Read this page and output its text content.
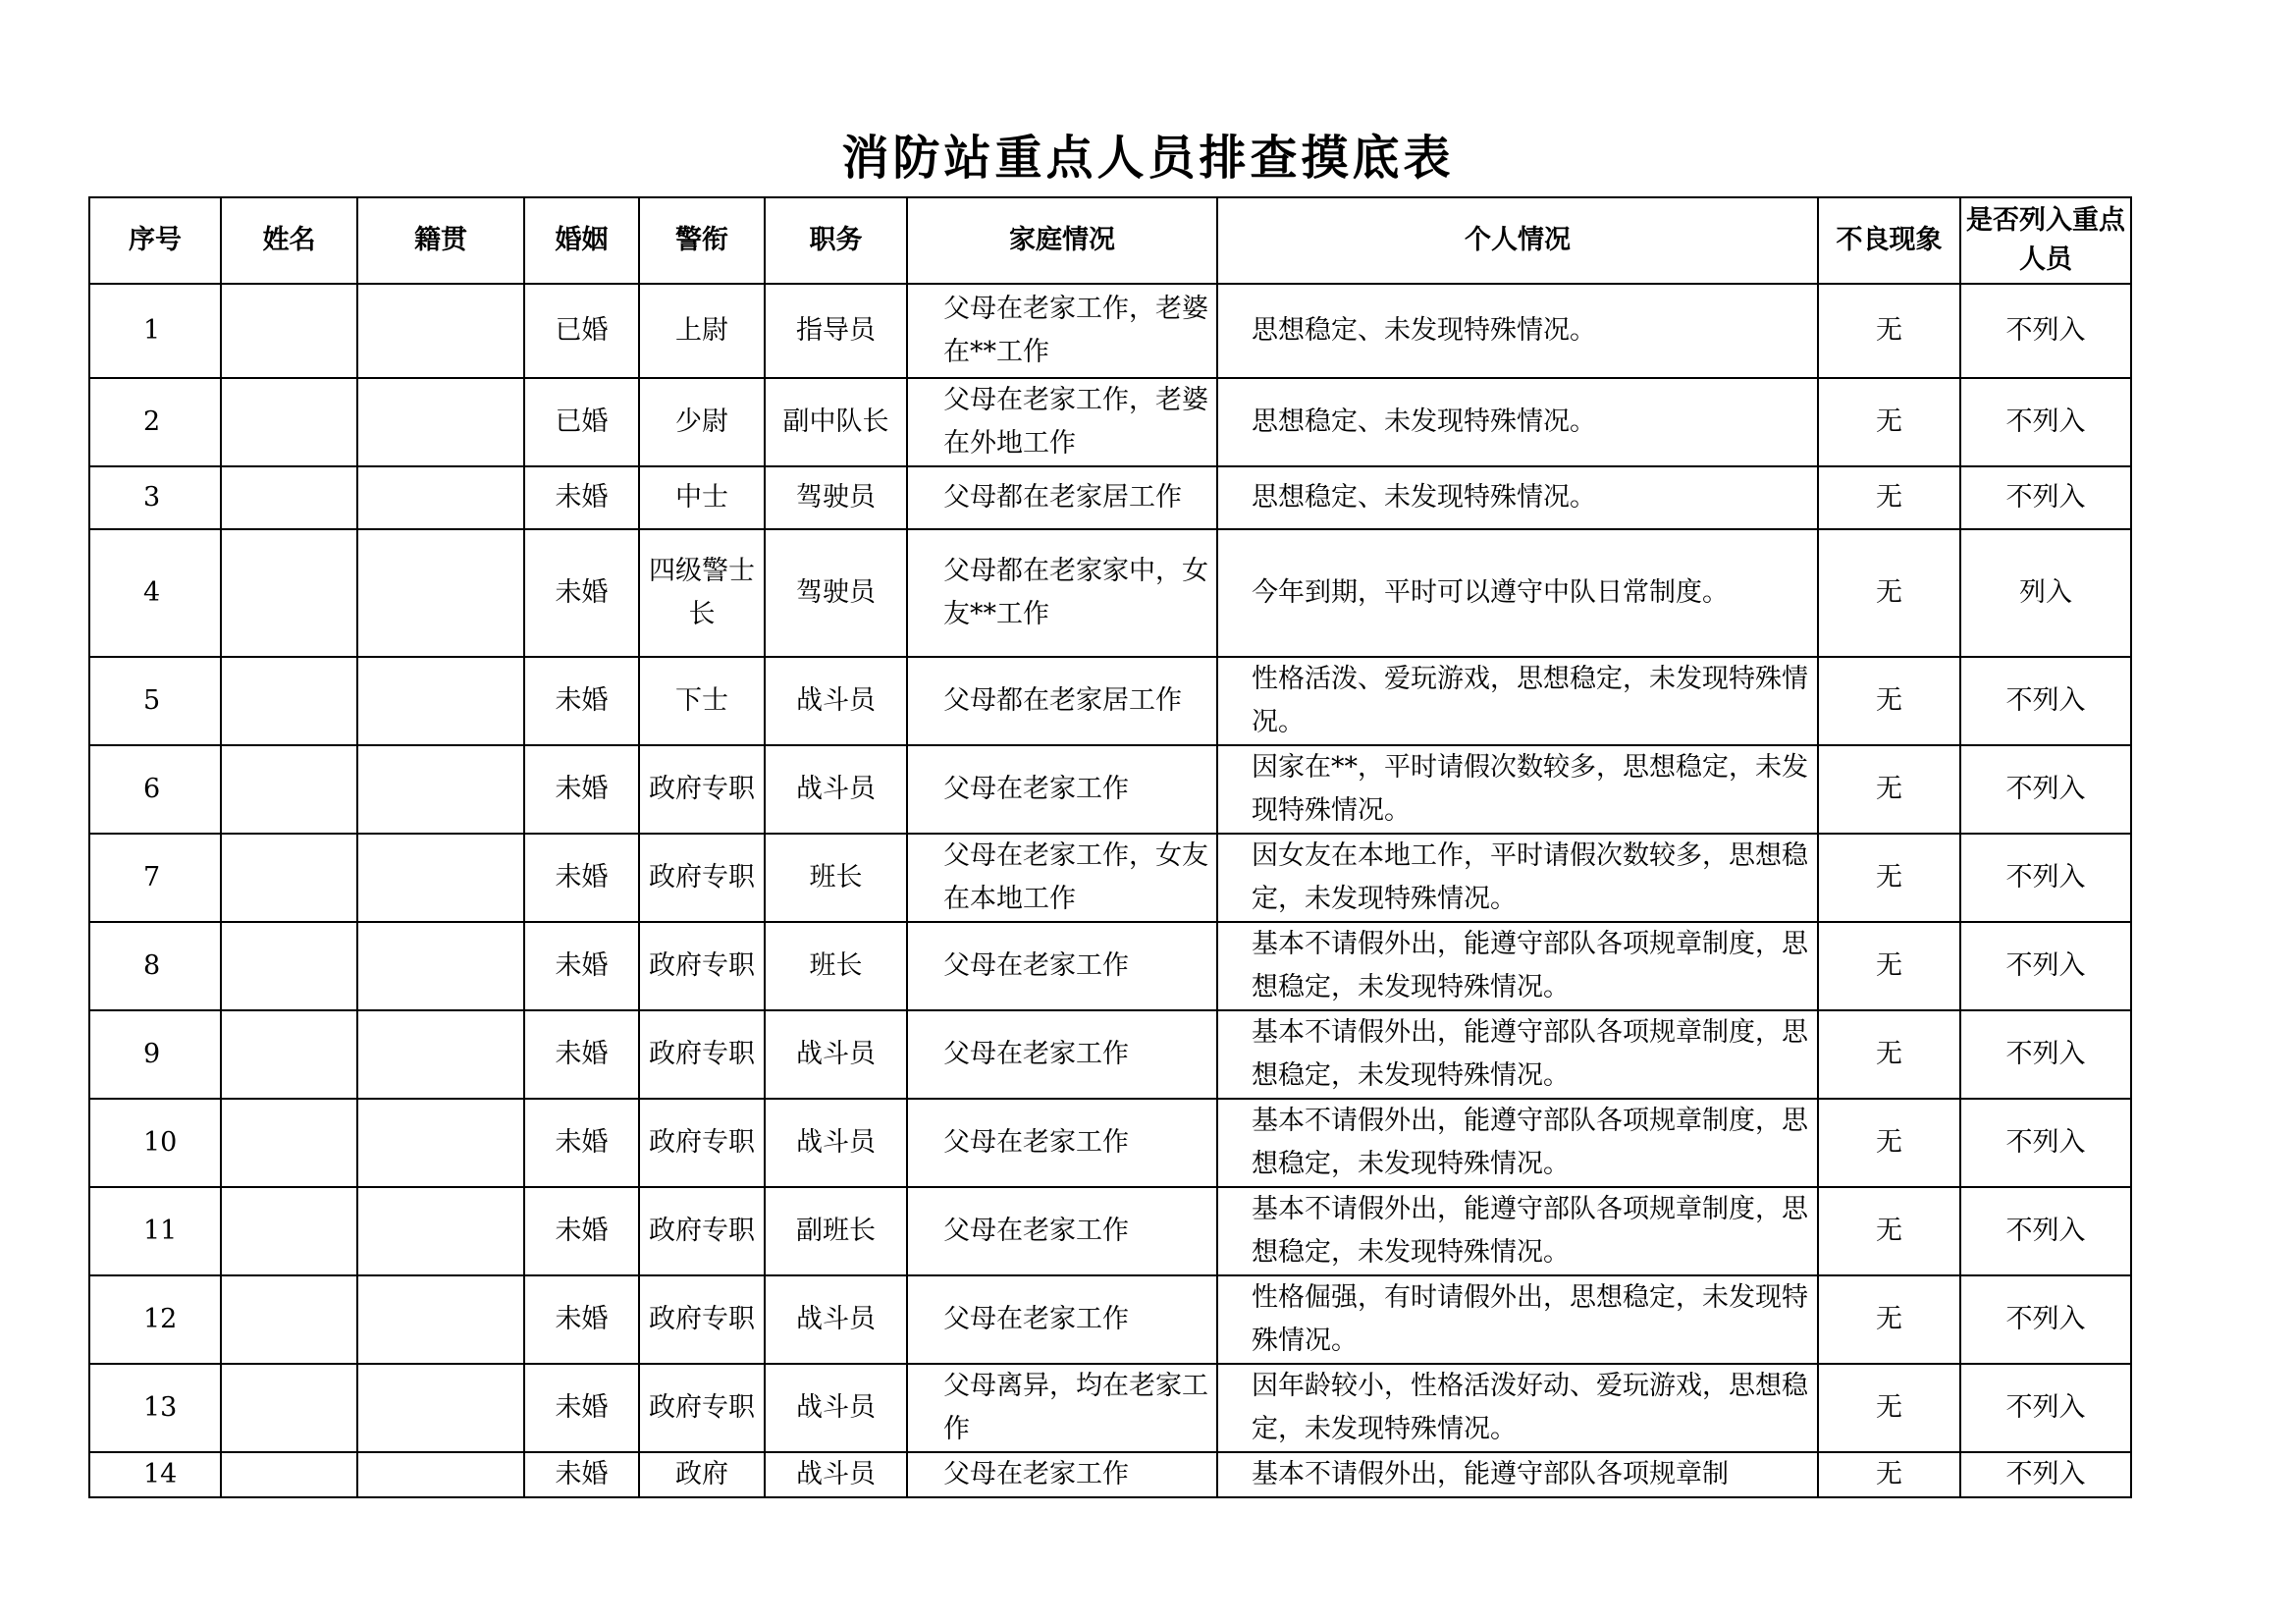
消防站重点人员排查摸底表
序号	姓名	籍贯	婚姻	警衔	职务	家庭情况	个人情况	不良现象	是否列入重点人员
1			已婚	上尉	指导员	父母在老家工作，老婆在**工作	思想稳定、未发现特殊情况。	无	不列入
2			已婚	少尉	副中队长	父母在老家工作，老婆在外地工作	思想稳定、未发现特殊情况。	无	不列入
3			未婚	中士	驾驶员	父母都在老家居工作	思想稳定、未发现特殊情况。	无	不列入
4			未婚	四级警士长	驾驶员	父母都在老家家中，女友**工作	今年到期，平时可以遵守中队日常制度。	无	列入
5			未婚	下士	战斗员	父母都在老家居工作	性格活泼、爱玩游戏，思想稳定，未发现特殊情况。	无	不列入
6			未婚	政府专职	战斗员	父母在老家工作	因家在**，平时请假次数较多，思想稳定，未发现特殊情况。	无	不列入
7			未婚	政府专职	班长	父母在老家工作，女友在本地工作	因女友在本地工作，平时请假次数较多，思想稳定，未发现特殊情况。	无	不列入
8			未婚	政府专职	班长	父母在老家工作	基本不请假外出，能遵守部队各项规章制度，思想稳定，未发现特殊情况。	无	不列入
9			未婚	政府专职	战斗员	父母在老家工作	基本不请假外出，能遵守部队各项规章制度，思想稳定，未发现特殊情况。	无	不列入
10			未婚	政府专职	战斗员	父母在老家工作	基本不请假外出，能遵守部队各项规章制度，思想稳定，未发现特殊情况。	无	不列入
11			未婚	政府专职	副班长	父母在老家工作	基本不请假外出，能遵守部队各项规章制度，思想稳定，未发现特殊情况。	无	不列入
12			未婚	政府专职	战斗员	父母在老家工作	性格倔强，有时请假外出，思想稳定，未发现特殊情况。	无	不列入
13			未婚	政府专职	战斗员	父母离异，均在老家工作	因年龄较小，性格活泼好动、爱玩游戏，思想稳定，未发现特殊情况。	无	不列入
14			未婚	政府	战斗员	父母在老家工作	基本不请假外出，能遵守部队各项规章制	无	不列入
